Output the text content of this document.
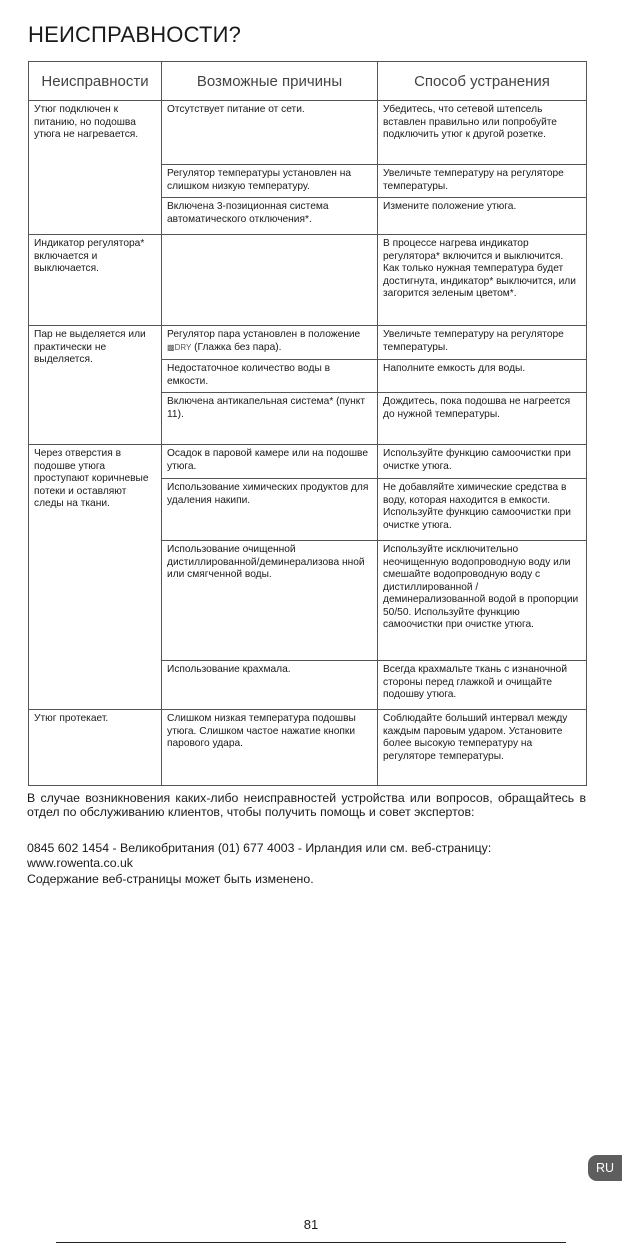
НЕИСПРАВНОСТИ?
Неисправности	Возможные причины	Способ устранения
Утюг подключен к питанию, но подошва утюга не нагревается.	Отсутствует питание от сети.	Убедитесь, что сетевой штепсель вставлен правильно или попробуйте подключить утюг к другой розетке.
	Регулятор температуры установлен на слишком низкую температуру.	Увеличьте температуру на регуляторе температуры.
	Включена 3-позиционная система автоматического отключения*.	Измените положение утюга.
Индикатор регулятора* включается и выключается.		В процессе нагрева индикатор регулятора* включится и выключится. Как только нужная температура будет достигнута, индикатор* выключится, или загорится зеленым цветом*.
Пар не выделяется или практически не выделяется.	Регулятор пара установлен в положение ▩DRY (Глажка без пара).	Увеличьте температуру на регуляторе температуры.
	Недостаточное количество воды в емкости.	Наполните емкость для воды.
	Включена антикапельная система* (пункт 11).	Дождитесь, пока подошва не нагреется до нужной температуры.
Через отверстия в подошве утюга проступают коричневые потеки и оставляют следы на ткани.	Осадок в паровой камере или на подошве утюга.	Используйте функцию самоочистки при очистке утюга.
	Использование химических продуктов для удаления накипи.	Не добавляйте химические средства в воду, которая находится в емкости. Используйте функцию самоочистки при очистке утюга.
	Использование очищенной дистиллированной/деминерализова нной или смягченной воды.	Используйте исключительно неочищенную водопроводную воду или смешайте водопроводную воду с дистиллированной / деминерализованной водой в пропорции 50/50. Используйте функцию самоочистки при очистке утюга.
	Использование крахмала.	Всегда крахмальте ткань с изнаночной стороны перед глажкой и очищайте подошву утюга.
Утюг протекает.	Слишком низкая температура подошвы утюга. Слишком частое нажатие кнопки парового удара.	Соблюдайте больший интервал между каждым паровым ударом. Установите более высокую температуру на регуляторе температуры.
В случае возникновения каких-либо неисправностей устройства или вопросов, обращайтесь в отдел по обслуживанию клиентов, чтобы получить помощь и совет экспертов:
0845 602 1454 - Великобритания (01) 677 4003 - Ирландия или см. веб-страницу:
www.rowenta.co.uk
Содержание веб-страницы может быть изменено.
RU
81
